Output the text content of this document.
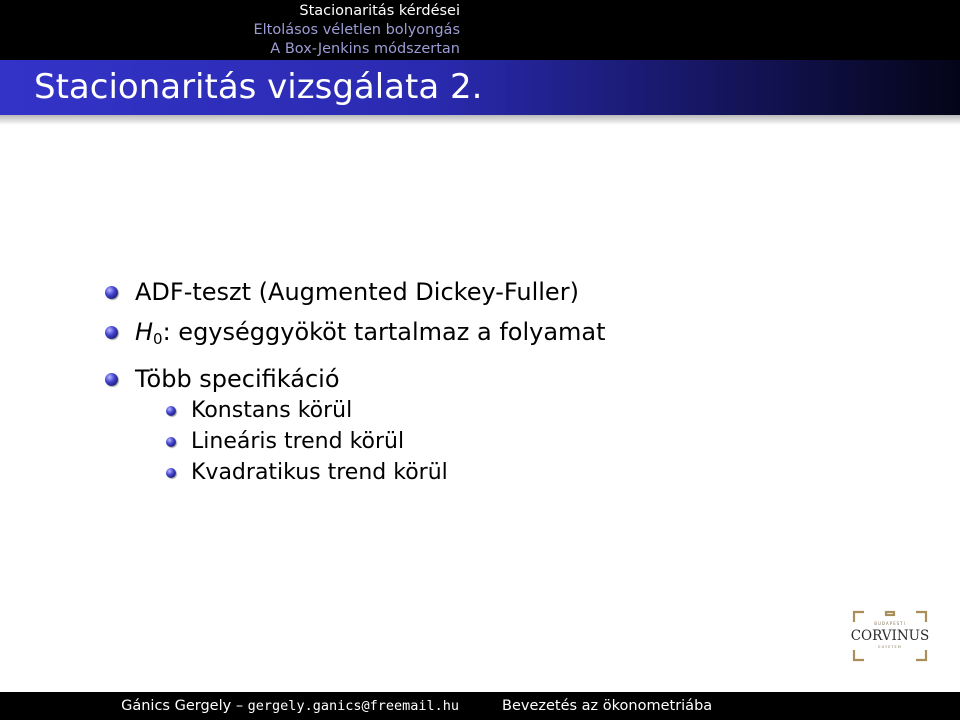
Stacionaritás kérdései
Eltolásos véletlen bolyongás
A Box-Jenkins módszertan
Stacionaritás vizsgálata 2.
ADF-teszt (Augmented Dickey-Fuller)
$H_0$: egységgyököt tartalmaz a folyamat
Több specifikáció
Konstans körül
Lineáris trend körül
Kvadratikus trend körül
BUDAPESTI
CORVINUS
EGYETEM
Gánics Gergely – gergely.ganics@freemail.hu	Bevezetés az ökonometriába
